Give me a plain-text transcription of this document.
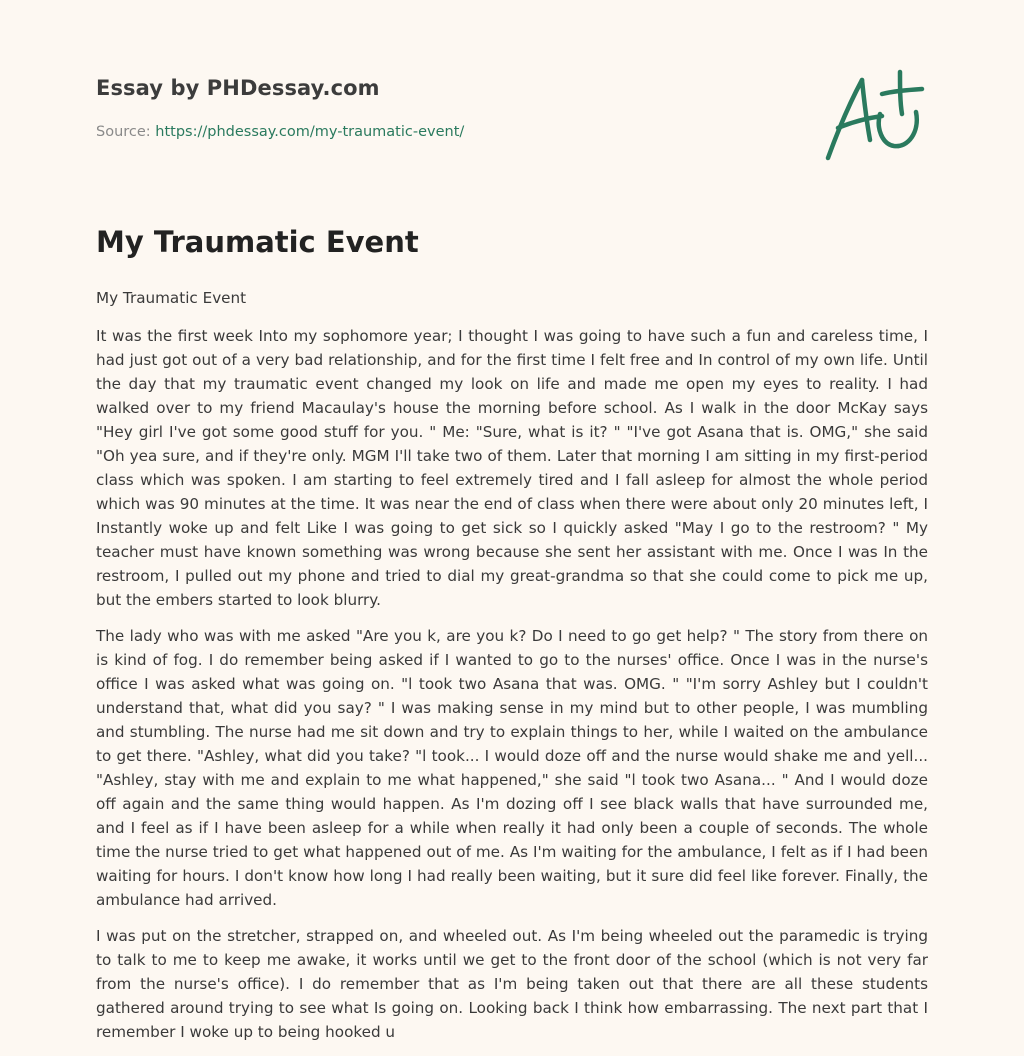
Essay by PHDessay.com
Source: https://phdessay.com/my-traumatic-event/
My Traumatic Event

My Traumatic Event

It was the first week Into my sophomore year; I thought I was going to have such a fun and careless time, I had just got out of a very bad relationship, and for the first time I felt free and In control of my own life. Until the day that my traumatic event changed my look on life and made me open my eyes to reality. I had walked over to my friend Macaulay's house the morning before school. As I walk in the door McKay says "Hey girl I've got some good stuff for you. " Me: "Sure, what is it? " "I've got Asana that is. OMG," she said "Oh yea sure, and if they're only. MGM I'll take two of them. Later that morning I am sitting in my first-period class which was spoken. I am starting to feel extremely tired and I fall asleep for almost the whole period which was 90 minutes at the time. It was near the end of class when there were about only 20 minutes left, I Instantly woke up and felt Like I was going to get sick so I quickly asked "May I go to the restroom? " My teacher must have known something was wrong because she sent her assistant with me. Once I was In the restroom, I pulled out my phone and tried to dial my great-grandma so that she could come to pick me up, but the embers started to look blurry.

The lady who was with me asked "Are you k, are you k? Do I need to go get help? " The story from there on is kind of fog. I do remember being asked if I wanted to go to the nurses' office. Once I was in the nurse's office I was asked what was going on. "l took two Asana that was. OMG. " "I'm sorry Ashley but I couldn't understand that, what did you say? " I was making sense in my mind but to other people, I was mumbling and stumbling. The nurse had me sit down and try to explain things to her, while I waited on the ambulance to get there. "Ashley, what did you take? "l took... I would doze off and the nurse would shake me and yell... "Ashley, stay with me and explain to me what happened," she said "l took two Asana... " And I would doze off again and the same thing would happen. As I'm dozing off I see black walls that have surrounded me, and I feel as if I have been asleep for a while when really it had only been a couple of seconds. The whole time the nurse tried to get what happened out of me. As I'm waiting for the ambulance, I felt as if I had been waiting for hours. I don't know how long I had really been waiting, but it sure did feel like forever. Finally, the ambulance had arrived.

I was put on the stretcher, strapped on, and wheeled out. As I'm being wheeled out the paramedic is trying to talk to me to keep me awake, it works until we get to the front door of the school (which is not very far from the nurse's office). I do remember that as I'm being taken out that there are all these students gathered around trying to see what Is going on. Looking back I think how embarrassing. The next part that I remember I woke up to being hooked u
